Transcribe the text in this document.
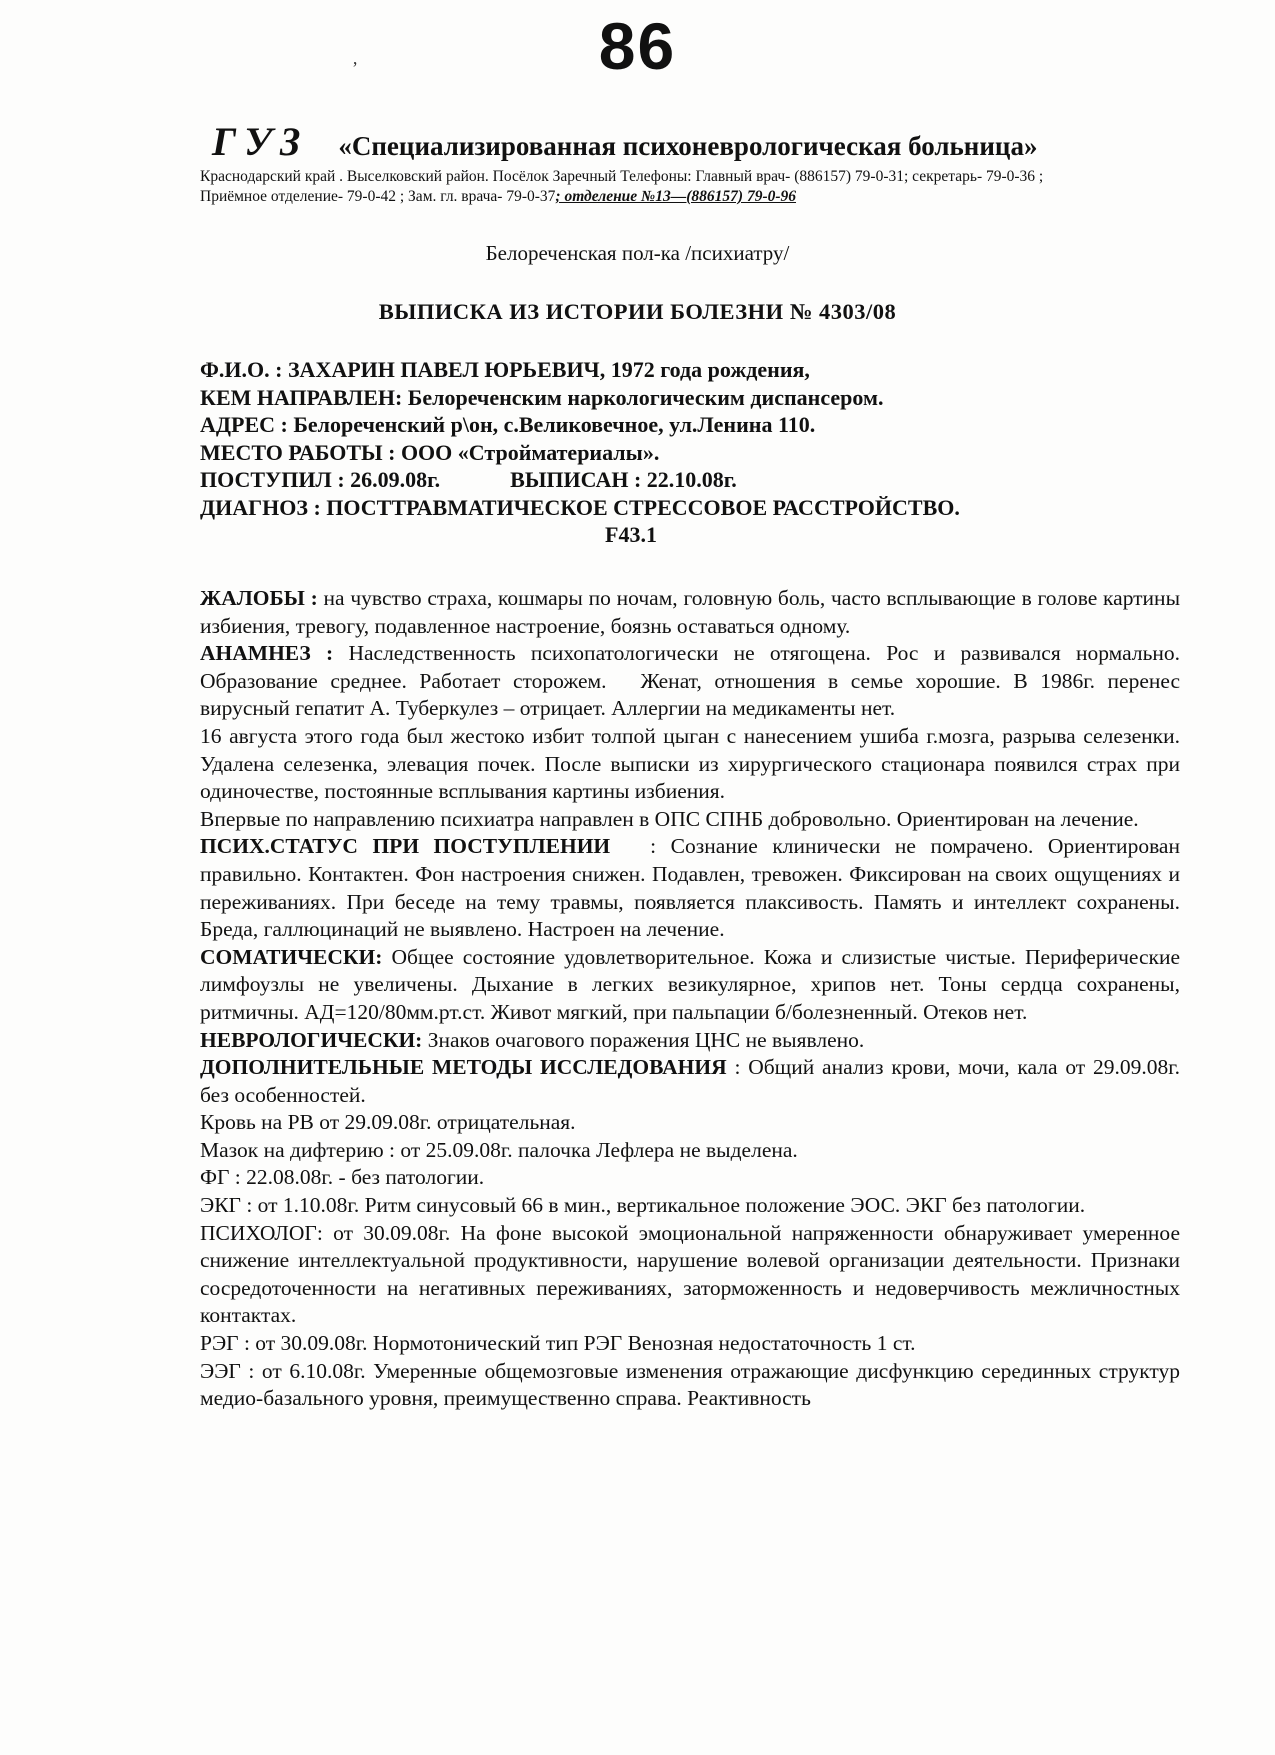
86
’
ГУЗ «Специализированная психоневрологическая больница»
Краснодарский край . Выселковский район. Посёлок Заречный Телефоны: Главный врач- (886157) 79-0-31; секретарь- 79-0-36 ;
Приёмное отделение- 79-0-42 ; Зам. гл. врача- 79-0-37; отделение №13—(886157) 79-0-96
Белореченская пол-ка /психиатру/
ВЫПИСКА ИЗ ИСТОРИИ БОЛЕЗНИ № 4303/08
Ф.И.О. : ЗАХАРИН ПАВЕЛ ЮРЬЕВИЧ, 1972 года рождения,
КЕМ НАПРАВЛЕН: Белореченским наркологическим диспансером.
АДРЕС : Белореченский р\он, с.Великовечное, ул.Ленина 110.
МЕСТО РАБОТЫ : ООО «Стройматериалы».
ПОСТУПИЛ : 26.09.08г.	ВЫПИСАН : 22.10.08г.
ДИАГНОЗ : ПОСТТРАВМАТИЧЕСКОЕ СТРЕССОВОЕ РАССТРОЙСТВО.
F43.1

ЖАЛОБЫ : на чувство страха, кошмары по ночам, головную боль, часто всплывающие в голове картины избиения, тревогу, подавленное настроение, боязнь оставаться одному.

АНАМНЕЗ : Наследственность психопатологически не отягощена. Рос и развивался нормально. Образование среднее. Работает сторожем. Женат, отношения в семье хорошие. В 1986г. перенес вирусный гепатит А. Туберкулез – отрицает. Аллергии на медикаменты нет.

16 августа этого года был жестоко избит толпой цыган с нанесением ушиба г.мозга, разрыва селезенки. Удалена селезенка, элевация почек. После выписки из хирургического стационара появился страх при одиночестве, постоянные всплывания картины избиения.

Впервые по направлению психиатра направлен в ОПС СПНБ добровольно. Ориентирован на лечение.

ПСИХ.СТАТУС ПРИ ПОСТУПЛЕНИИ : Сознание клинически не помрачено. Ориентирован правильно. Контактен. Фон настроения снижен. Подавлен, тревожен. Фиксирован на своих ощущениях и переживаниях. При беседе на тему травмы, появляется плаксивость. Память и интеллект сохранены. Бреда, галлюцинаций не выявлено. Настроен на лечение.

СОМАТИЧЕСКИ: Общее состояние удовлетворительное. Кожа и слизистые чистые. Периферические лимфоузлы не увеличены. Дыхание в легких везикулярное, хрипов нет. Тоны сердца сохранены, ритмичны. АД=120/80мм.рт.ст. Живот мягкий, при пальпации б/болезненный. Отеков нет.

НЕВРОЛОГИЧЕСКИ: Знаков очагового поражения ЦНС не выявлено.

ДОПОЛНИТЕЛЬНЫЕ МЕТОДЫ ИССЛЕДОВАНИЯ : Общий анализ крови, мочи, кала от 29.09.08г. без особенностей.

Кровь на РВ от 29.09.08г. отрицательная.

Мазок на дифтерию : от 25.09.08г. палочка Лефлера не выделена.

ФГ : 22.08.08г. - без патологии.

ЭКГ : от 1.10.08г. Ритм синусовый 66 в мин., вертикальное положение ЭОС. ЭКГ без патологии.

ПСИХОЛОГ: от 30.09.08г. На фоне высокой эмоциональной напряженности обнаруживает умеренное снижение интеллектуальной продуктивности, нарушение волевой организации деятельности. Признаки сосредоточенности на негативных переживаниях, заторможенность и недоверчивость межличностных контактах.

РЭГ : от 30.09.08г. Нормотонический тип РЭГ Венозная недостаточность 1 ст.

ЭЭГ : от 6.10.08г. Умеренные общемозговые изменения отражающие дисфункцию серединных структур медио-базального уровня, преимущественно справа. Реактивность
